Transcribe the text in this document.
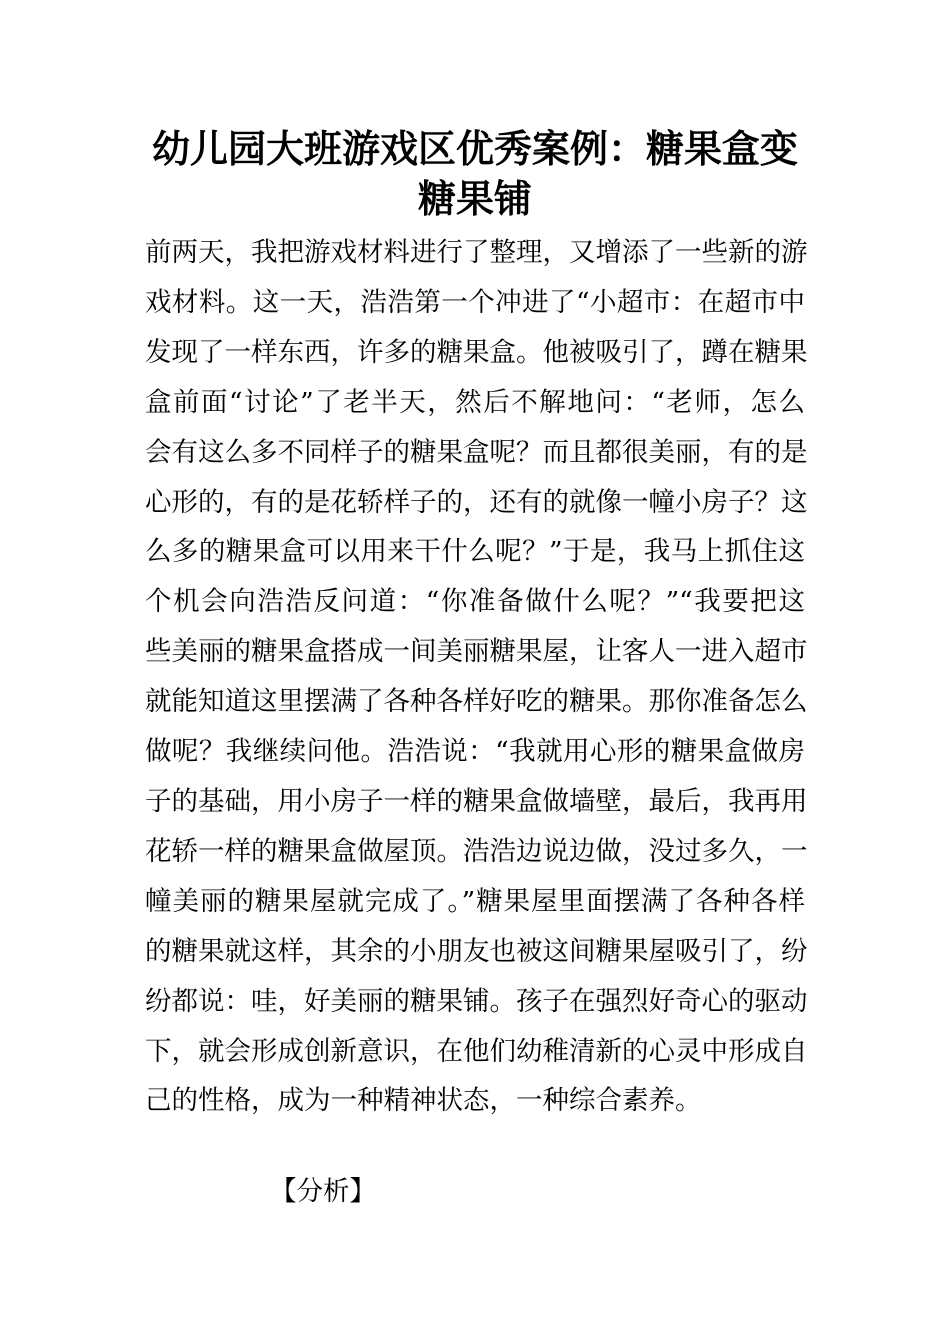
幼儿园大班游戏区优秀案例：糖果盒变
糖果铺
前两天，我把游戏材料进行了整理，又增添了一些新的游
戏材料。这一天，浩浩第一个冲进了“小超市：在超市中
发现了一样东西，许多的糖果盒。他被吸引了，蹲在糖果
盒前面“讨论”了老半天，然后不解地问：“老师，怎么
会有这么多不同样子的糖果盒呢？而且都很美丽，有的是
心形的，有的是花轿样子的，还有的就像一幢小房子？这
么多的糖果盒可以用来干什么呢？”于是，我马上抓住这
个机会向浩浩反问道：“你准备做什么呢？”“我要把这
些美丽的糖果盒搭成一间美丽糖果屋，让客人一进入超市
就能知道这里摆满了各种各样好吃的糖果。那你准备怎么
做呢？我继续问他。浩浩说：“我就用心形的糖果盒做房
子的基础，用小房子一样的糖果盒做墙壁，最后，我再用
花轿一样的糖果盒做屋顶。浩浩边说边做，没过多久，一
幢美丽的糖果屋就完成了。”糖果屋里面摆满了各种各样
的糖果就这样，其余的小朋友也被这间糖果屋吸引了，纷
纷都说：哇，好美丽的糖果铺。孩子在强烈好奇心的驱动
下，就会形成创新意识，在他们幼稚清新的心灵中形成自
己的性格，成为一种精神状态，一种综合素养。
【分析】
